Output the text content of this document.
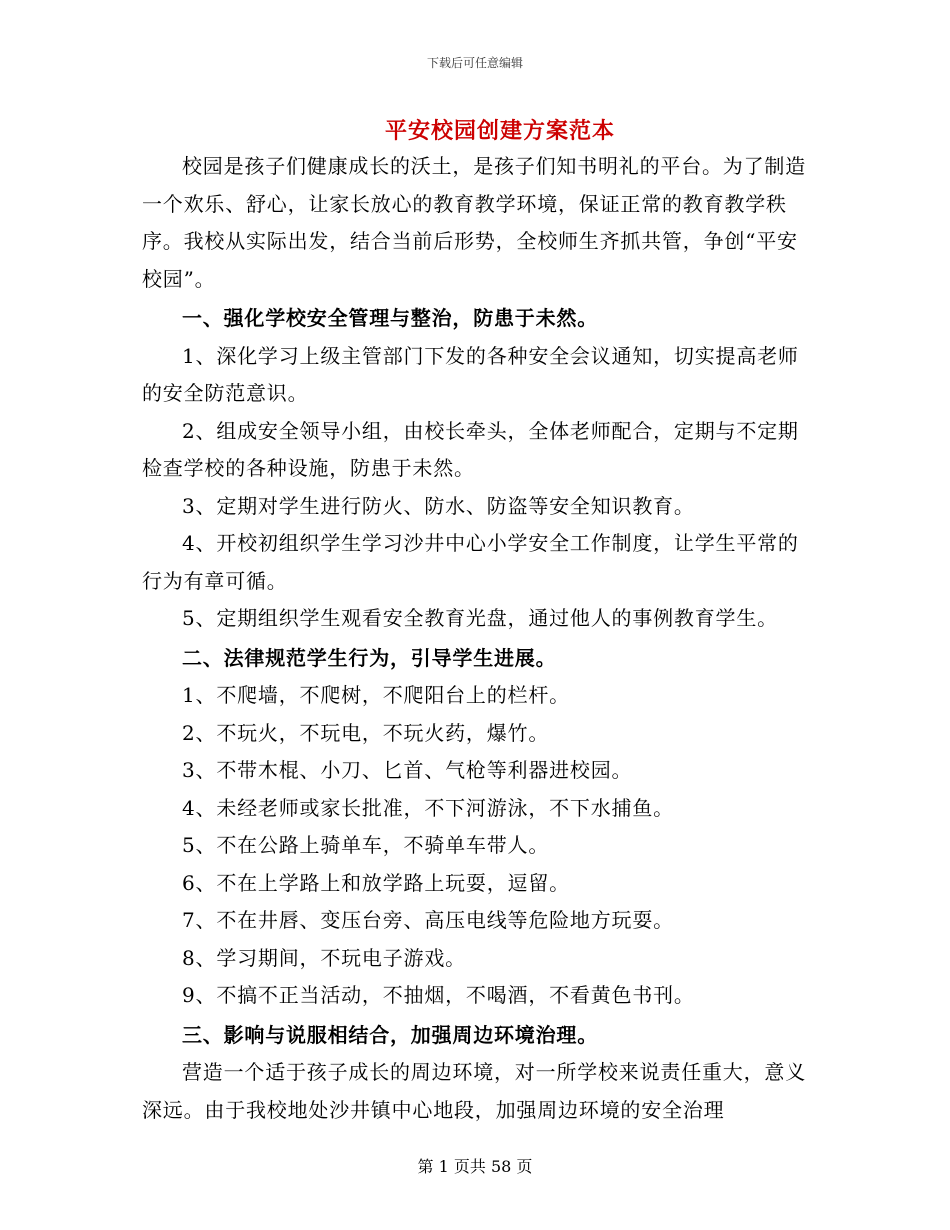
下载后可任意编辑
平安校园创建方案范本

校园是孩子们健康成长的沃土，是孩子们知书明礼的平台。为了制造一个欢乐、舒心，让家长放心的教育教学环境，保证正常的教育教学秩序。我校从实际出发，结合当前后形势，全校师生齐抓共管，争创“平安校园”。

一、强化学校安全管理与整治，防患于未然。

1、深化学习上级主管部门下发的各种安全会议通知，切实提高老师的安全防范意识。

2、组成安全领导小组，由校长牵头，全体老师配合，定期与不定期检查学校的各种设施，防患于未然。

3、定期对学生进行防火、防水、防盗等安全知识教育。

4、开校初组织学生学习沙井中心小学安全工作制度，让学生平常的行为有章可循。

5、定期组织学生观看安全教育光盘，通过他人的事例教育学生。

二、法律规范学生行为，引导学生进展。

1、不爬墙，不爬树，不爬阳台上的栏杆。

2、不玩火，不玩电，不玩火药，爆竹。

3、不带木棍、小刀、匕首、气枪等利器进校园。

4、未经老师或家长批准，不下河游泳，不下水捕鱼。

5、不在公路上骑单车，不骑单车带人。

6、不在上学路上和放学路上玩耍，逗留。

7、不在井唇、变压台旁、高压电线等危险地方玩耍。

8、学习期间，不玩电子游戏。

9、不搞不正当活动，不抽烟，不喝酒，不看黄色书刊。

三、影响与说服相结合，加强周边环境治理。

营造一个适于孩子成长的周边环境，对一所学校来说责任重大，意义深远。由于我校地处沙井镇中心地段，加强周边环境的安全治理

第 1 页共 58 页
